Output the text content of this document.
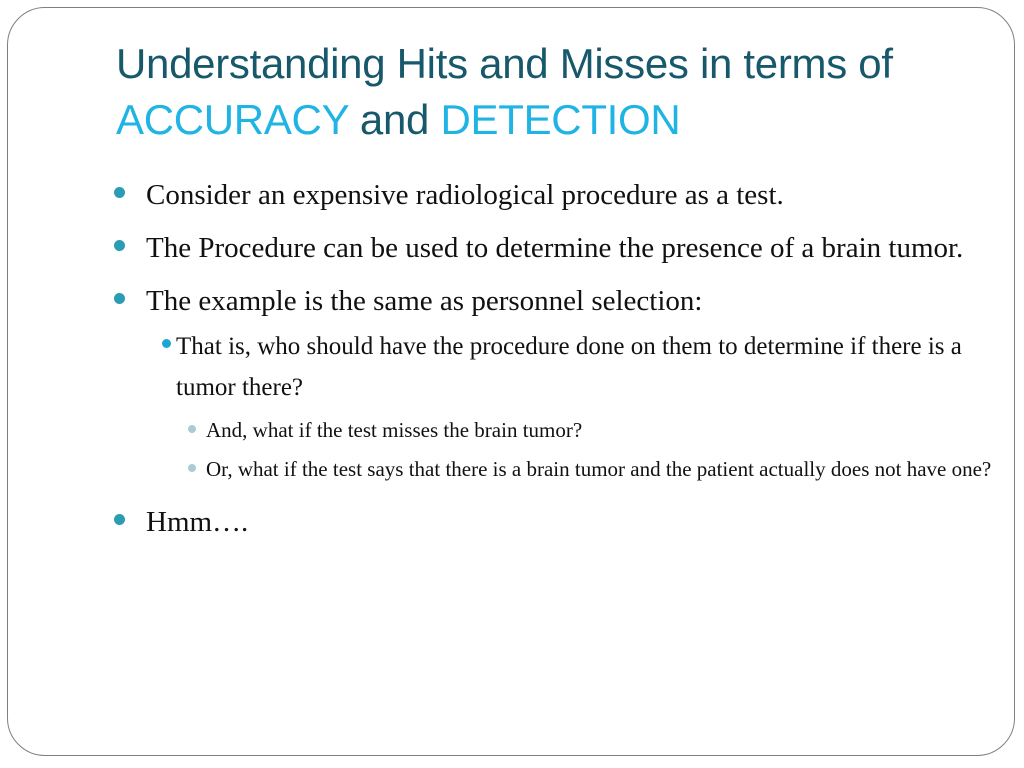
Understanding Hits and Misses in terms of ACCURACY and DETECTION
Consider an expensive radiological procedure as a test.
The Procedure can be used to determine the presence of a brain tumor.
The example is the same as personnel selection:
That is, who should have the procedure done on them to determine if there is a tumor there?
And, what if the test misses the brain tumor?
Or, what if the test says that there is a brain tumor and the patient actually does not have one?
Hmm….
